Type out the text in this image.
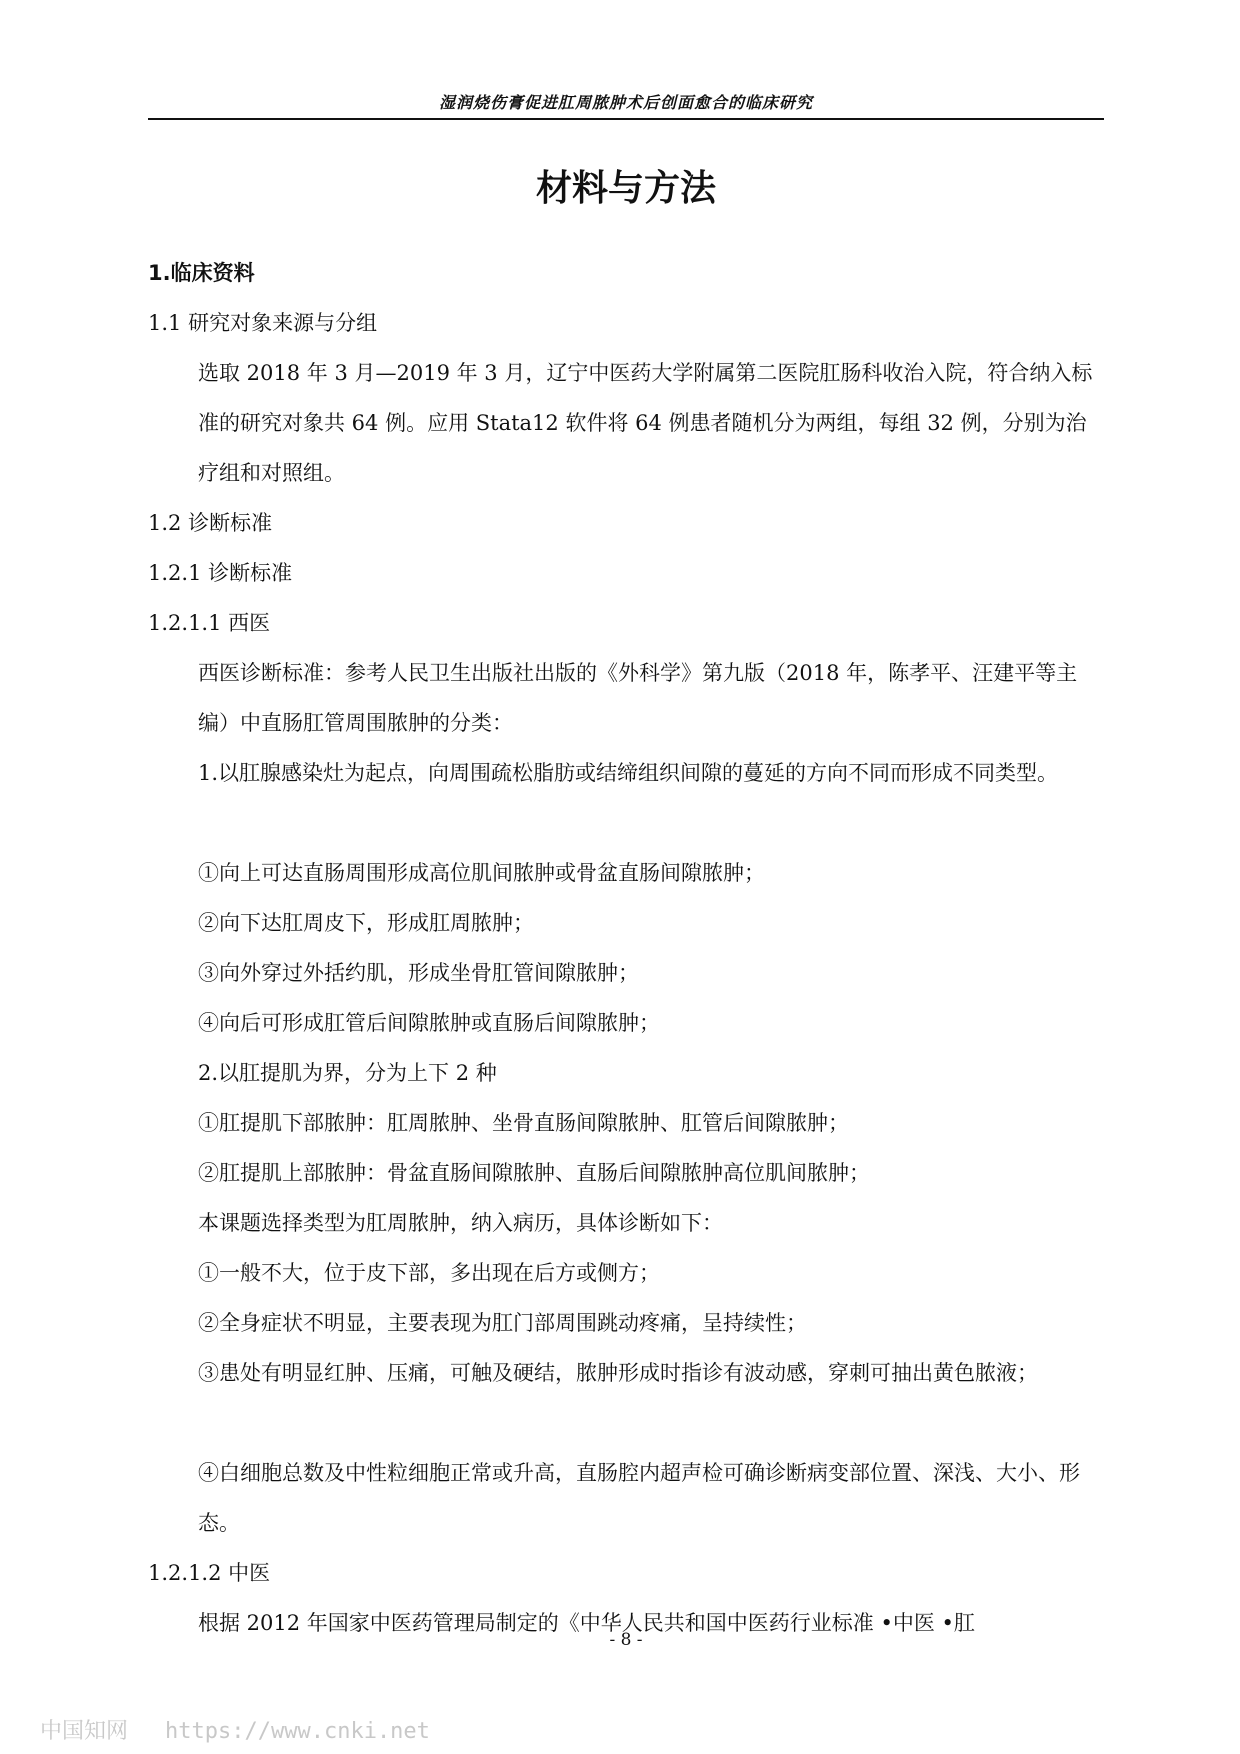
湿润烧伤膏促进肛周脓肿术后创面愈合的临床研究
材料与方法
1.临床资料
1.1 研究对象来源与分组
选取 2018 年 3 月—2019 年 3 月，辽宁中医药大学附属第二医院肛肠科收治入院，符合纳入标准的研究对象共 64 例。应用 Stata12 软件将 64 例患者随机分为两组，每组 32 例，分别为治疗组和对照组。
1.2 诊断标准
1.2.1 诊断标准
1.2.1.1 西医
西医诊断标准：参考人民卫生出版社出版的《外科学》第九版（2018 年，陈孝平、汪建平等主编）中直肠肛管周围脓肿的分类：
1.以肛腺感染灶为起点，向周围疏松脂肪或结缔组织间隙的蔓延的方向不同而形成不同类型。
①向上可达直肠周围形成高位肌间脓肿或骨盆直肠间隙脓肿；
②向下达肛周皮下，形成肛周脓肿；
③向外穿过外括约肌，形成坐骨肛管间隙脓肿；
④向后可形成肛管后间隙脓肿或直肠后间隙脓肿；
2.以肛提肌为界，分为上下 2 种
①肛提肌下部脓肿：肛周脓肿、坐骨直肠间隙脓肿、肛管后间隙脓肿；
②肛提肌上部脓肿：骨盆直肠间隙脓肿、直肠后间隙脓肿高位肌间脓肿；
本课题选择类型为肛周脓肿，纳入病历，具体诊断如下：
①一般不大，位于皮下部，多出现在后方或侧方；
②全身症状不明显，主要表现为肛门部周围跳动疼痛，呈持续性；
③患处有明显红肿、压痛，可触及硬结，脓肿形成时指诊有波动感，穿刺可抽出黄色脓液；
④白细胞总数及中性粒细胞正常或升高，直肠腔内超声检可确诊断病变部位置、深浅、大小、形态。
1.2.1.2 中医
根据 2012 年国家中医药管理局制定的《中华人民共和国中医药行业标准 •中医 •肛
- 8 -
中国知网 https://www.cnki.net
